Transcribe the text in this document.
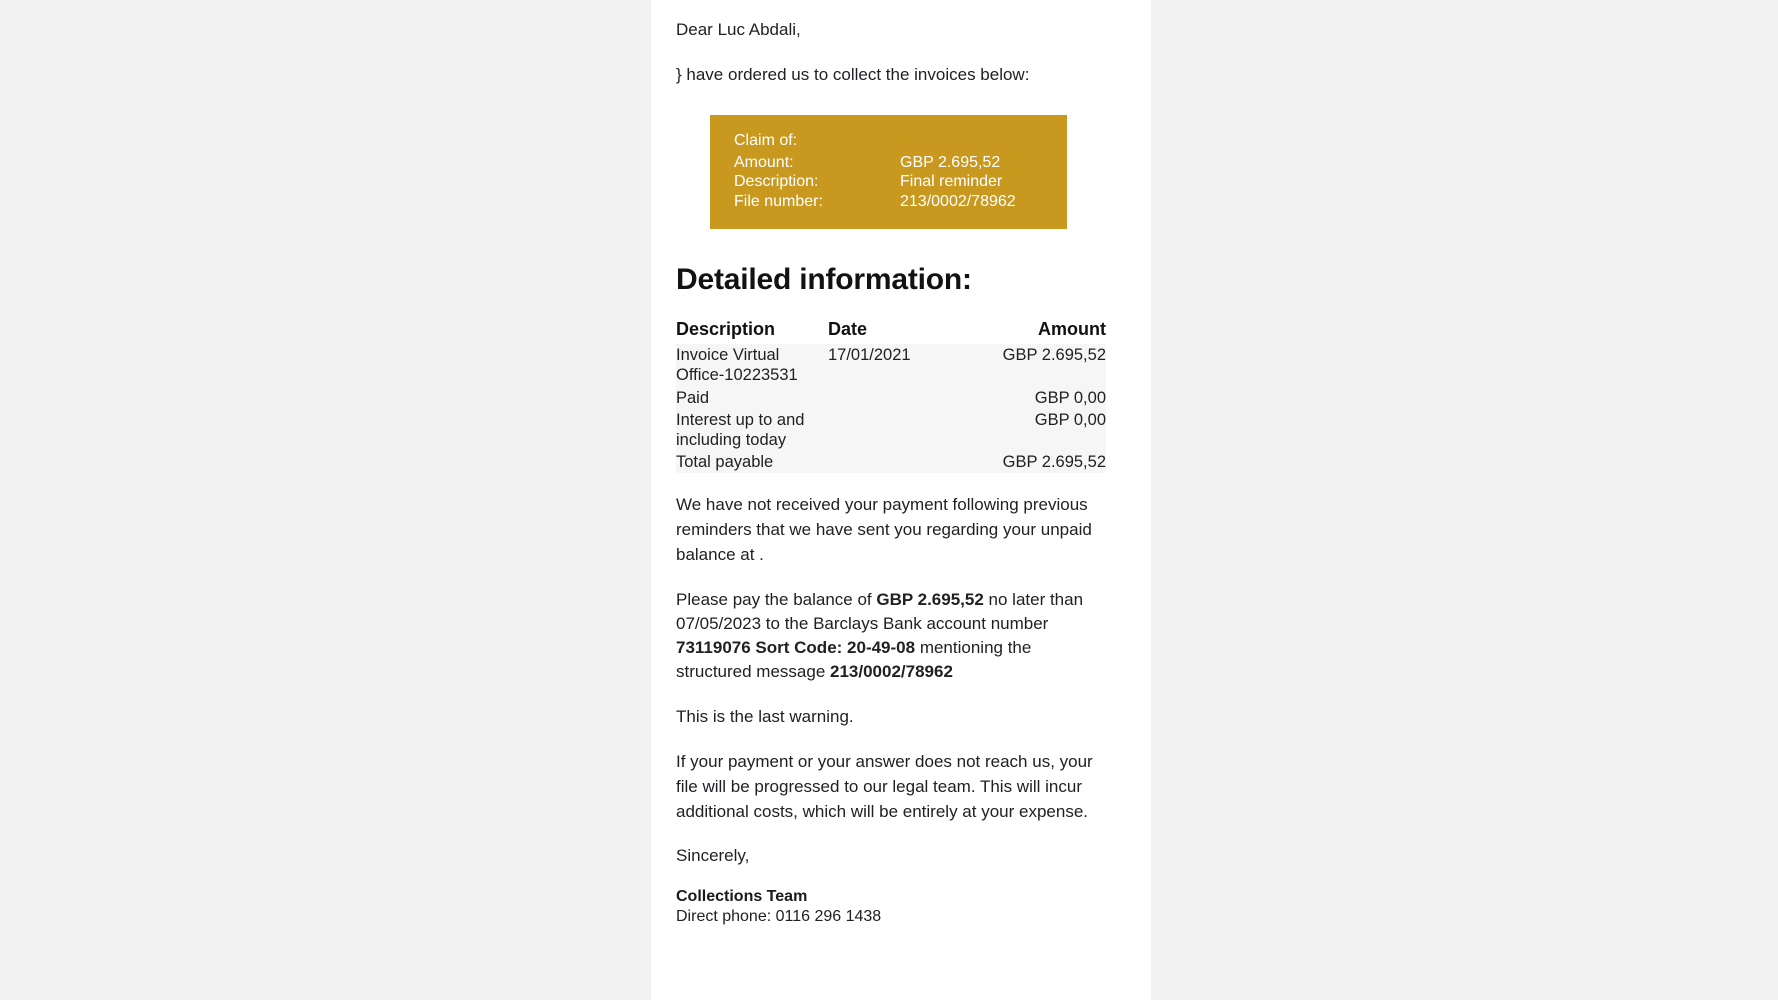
Dear Luc Abdali,
} have ordered us to collect the invoices below:
Claim of:
Amount:	GBP 2.695,52
Description:	Final reminder
File number:	213/0002/78962
Detailed information:
Description	Date	Amount
Invoice Virtual Office-10223531	17/01/2021	GBP 2.695,52
Paid		GBP 0,00
Interest up to and including today		GBP 0,00
Total payable		GBP 2.695,52

We have not received your payment following previous reminders that we have sent you regarding your unpaid balance at .

Please pay the balance of GBP 2.695,52 no later than 07/05/2023 to the Barclays Bank account number 73119076 Sort Code: 20-49-08 mentioning the structured message 213/0002/78962

This is the last warning.

If your payment or your answer does not reach us, your file will be progressed to our legal team. This will incur additional costs, which will be entirely at your expense.

Sincerely,
Collections Team
Direct phone: 0116 296 1438
